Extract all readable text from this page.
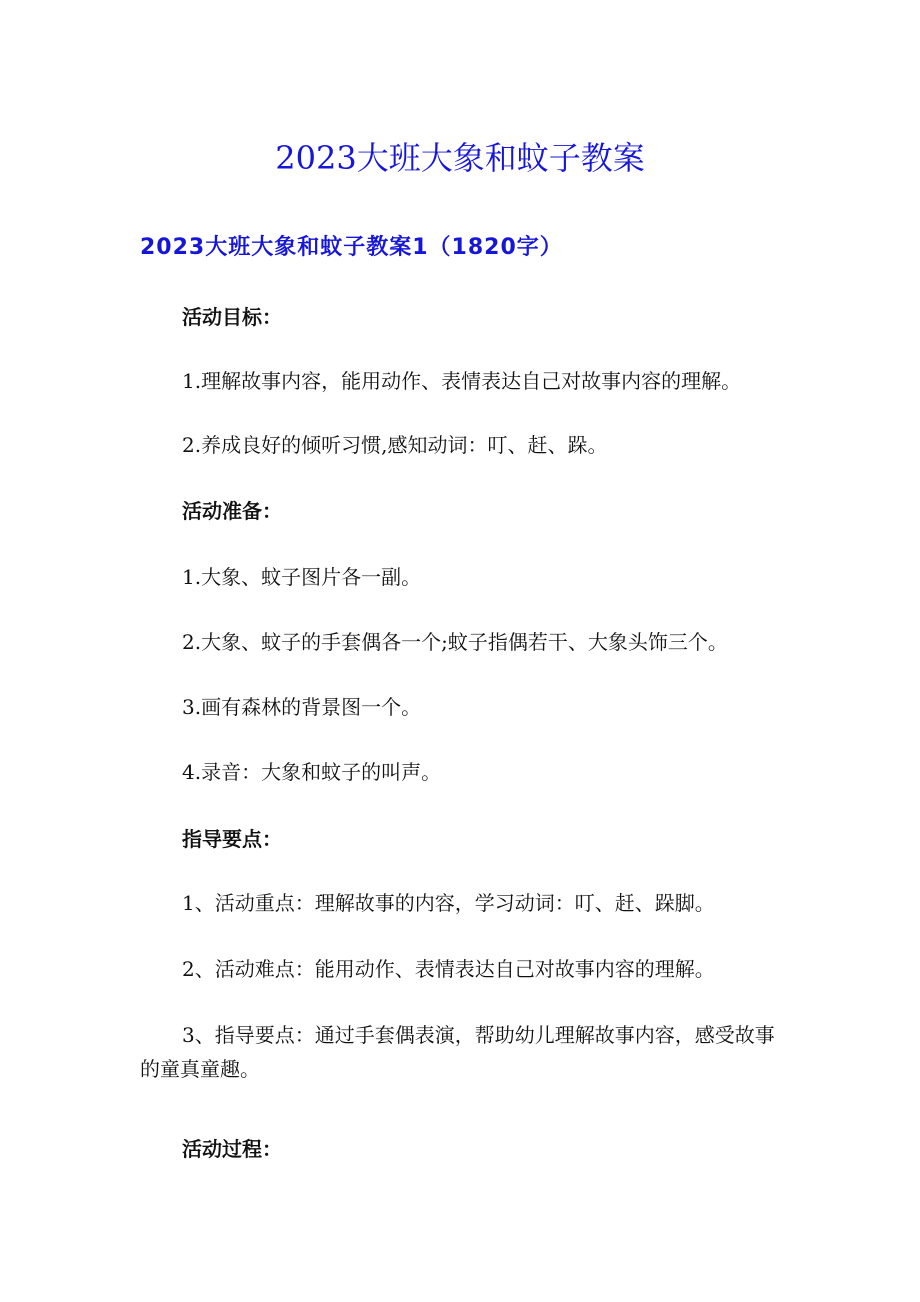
2023大班大象和蚊子教案
2023大班大象和蚊子教案1（1820字）

活动目标：

1.理解故事内容，能用动作、表情表达自己对故事内容的理解。

2.养成良好的倾听习惯,感知动词：叮、赶、跺。

活动准备：

1.大象、蚊子图片各一副。

2.大象、蚊子的手套偶各一个;蚊子指偶若干、大象头饰三个。

3.画有森林的背景图一个。

4.录音：大象和蚊子的叫声。

指导要点：

1、活动重点：理解故事的内容，学习动词：叮、赶、跺脚。

2、活动难点：能用动作、表情表达自己对故事内容的理解。

3、指导要点：通过手套偶表演，帮助幼儿理解故事内容，感受故事的童真童趣。

活动过程：
